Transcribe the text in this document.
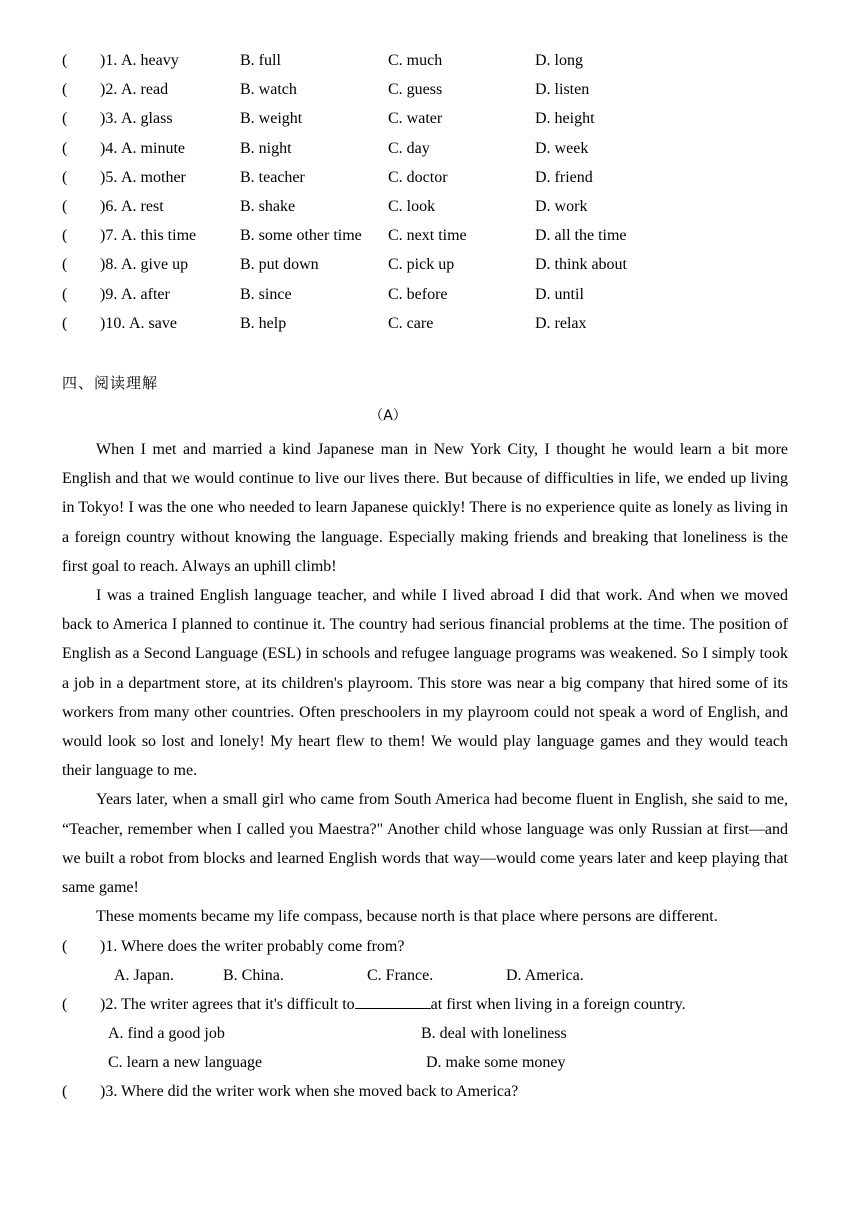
( )1. A. heavy	B. full	C. much	D. long
( )2. A. read	B. watch	C. guess	D. listen
( )3. A. glass	B. weight	C. water	D. height
( )4. A. minute	B. night	C. day	D. week
( )5. A. mother	B. teacher	C. doctor	D. friend
( )6. A. rest	B. shake	C. look	D. work
( )7. A. this time	B. some other time C. next time	D. all the time
( )8. A. give up	B. put down	C. pick up	D. think about
( )9. A. after	B. since	C. before	D. until
( )10. A. save	B. help	C. care	D. relax
四、阅读理解
（A）

When I met and married a kind Japanese man in New York City, I thought he would learn a bit more English and that we would continue to live our lives there. But because of difficulties in life, we ended up living in Tokyo! I was the one who needed to learn Japanese quickly! There is no experience quite as lonely as living in a foreign country without knowing the language. Especially making friends and breaking that loneliness is the first goal to reach. Always an uphill climb!

I was a trained English language teacher, and while I lived abroad I did that work. And when we moved back to America I planned to continue it. The country had serious financial problems at the time. The position of English as a Second Language (ESL) in schools and refugee language programs was weakened. So I simply took a job in a department store, at its children's playroom. This store was near a big company that hired some of its workers from many other countries. Often preschoolers in my playroom could not speak a word of English, and would look so lost and lonely! My heart flew to them! We would play language games and they would teach their language to me.

Years later, when a small girl who came from South America had become fluent in English, she said to me, “Teacher, remember when I called you Maestra?" Another child whose language was only Russian at first—and we built a robot from blocks and learned English words that way—would come years later and keep playing that same game!

These moments became my life compass, because north is that place where persons are different.

( )1. Where does the writer probably come from?
A. Japan.	B. China.	C. France.	D. America.
( )2. The writer agrees that it's difficult to	at first when living in a foreign country.
A. find a good job	B. deal with loneliness
C. learn a new language	D. make some money
( )3. Where did the writer work when she moved back to America?
